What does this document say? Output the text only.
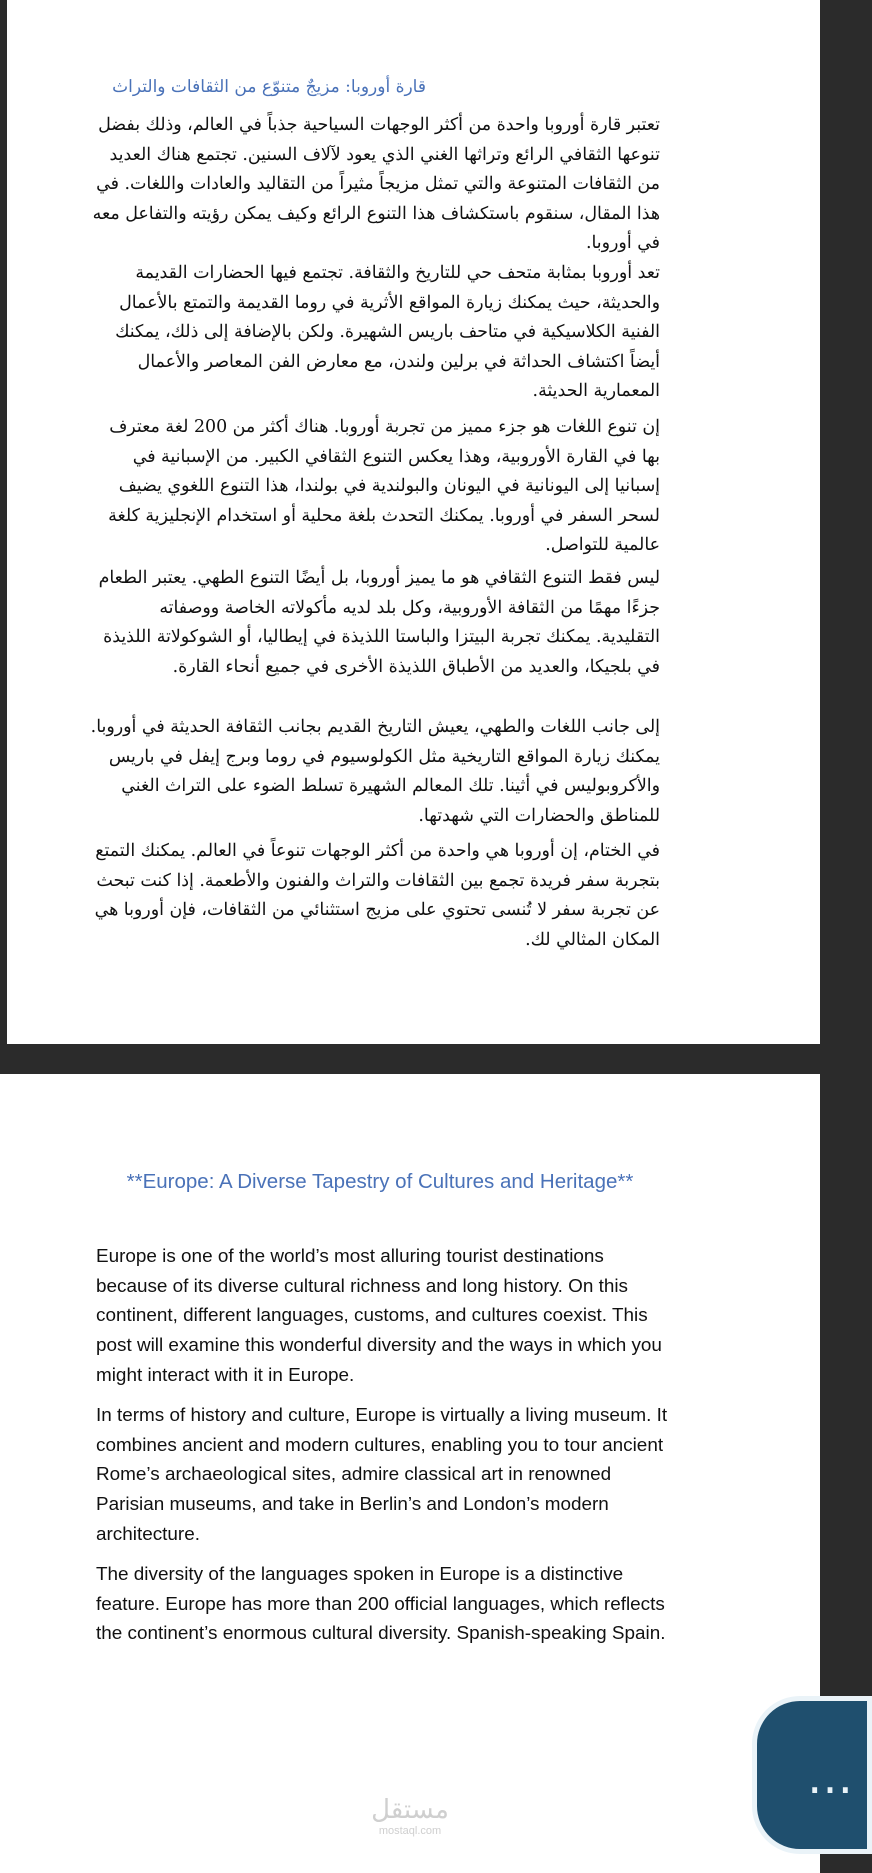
قارة أوروبا: مزيجٌ متنوّع من الثقافات والتراث

تعتبر قارة أوروبا واحدة من أكثر الوجهات السياحية جذباً في العالم، وذلك بفضل تنوعها الثقافي الرائع وتراثها الغني الذي يعود لآلاف السنين. تجتمع هناك العديد من الثقافات المتنوعة والتي تمثل مزيجاً مثيراً من التقاليد والعادات واللغات. في هذا المقال، سنقوم باستكشاف هذا التنوع الرائع وكيف يمكن رؤيته والتفاعل معه في أوروبا.

تعد أوروبا بمثابة متحف حي للتاريخ والثقافة. تجتمع فيها الحضارات القديمة والحديثة، حيث يمكنك زيارة المواقع الأثرية في روما القديمة والتمتع بالأعمال الفنية الكلاسيكية في متاحف باريس الشهيرة. ولكن بالإضافة إلى ذلك، يمكنك أيضاً اكتشاف الحداثة في برلين ولندن، مع معارض الفن المعاصر والأعمال المعمارية الحديثة.

إن تنوع اللغات هو جزء مميز من تجربة أوروبا. هناك أكثر من 200 لغة معترف بها في القارة الأوروبية، وهذا يعكس التنوع الثقافي الكبير. من الإسبانية في إسبانيا إلى اليونانية في اليونان والبولندية في بولندا، هذا التنوع اللغوي يضيف لسحر السفر في أوروبا. يمكنك التحدث بلغة محلية أو استخدام الإنجليزية كلغة عالمية للتواصل.

ليس فقط التنوع الثقافي هو ما يميز أوروبا، بل أيضًا التنوع الطهي. يعتبر الطعام جزءًا مهمًا من الثقافة الأوروبية، وكل بلد لديه مأكولاته الخاصة ووصفاته التقليدية. يمكنك تجربة البيتزا والباستا اللذيذة في إيطاليا، أو الشوكولاتة اللذيذة في بلجيكا، والعديد من الأطباق اللذيذة الأخرى في جميع أنحاء القارة.

إلى جانب اللغات والطهي، يعيش التاريخ القديم بجانب الثقافة الحديثة في أوروبا. يمكنك زيارة المواقع التاريخية مثل الكولوسيوم في روما وبرج إيفل في باريس والأكروبوليس في أثينا. تلك المعالم الشهيرة تسلط الضوء على التراث الغني للمناطق والحضارات التي شهدتها.

في الختام، إن أوروبا هي واحدة من أكثر الوجهات تنوعاً في العالم. يمكنك التمتع بتجربة سفر فريدة تجمع بين الثقافات والتراث والفنون والأطعمة. إذا كنت تبحث عن تجربة سفر لا تُنسى تحتوي على مزيج استثنائي من الثقافات، فإن أوروبا هي المكان المثالي لك.

**Europe: A Diverse Tapestry of Cultures and Heritage**

Europe is one of the world’s most alluring tourist destinations because of its diverse cultural richness and long history. On this continent, different languages, customs, and cultures coexist. This post will examine this wonderful diversity and the ways in which you might interact with it in Europe.

In terms of history and culture, Europe is virtually a living museum. It combines ancient and modern cultures, enabling you to tour ancient Rome’s archaeological sites, admire classical art in renowned Parisian museums, and take in Berlin’s and London’s modern architecture.

The diversity of the languages spoken in Europe is a distinctive feature. Europe has more than 200 official languages, which reflects the continent’s enormous cultural diversity. Spanish-speaking Spain.

مستقل
mostaql.com
…
